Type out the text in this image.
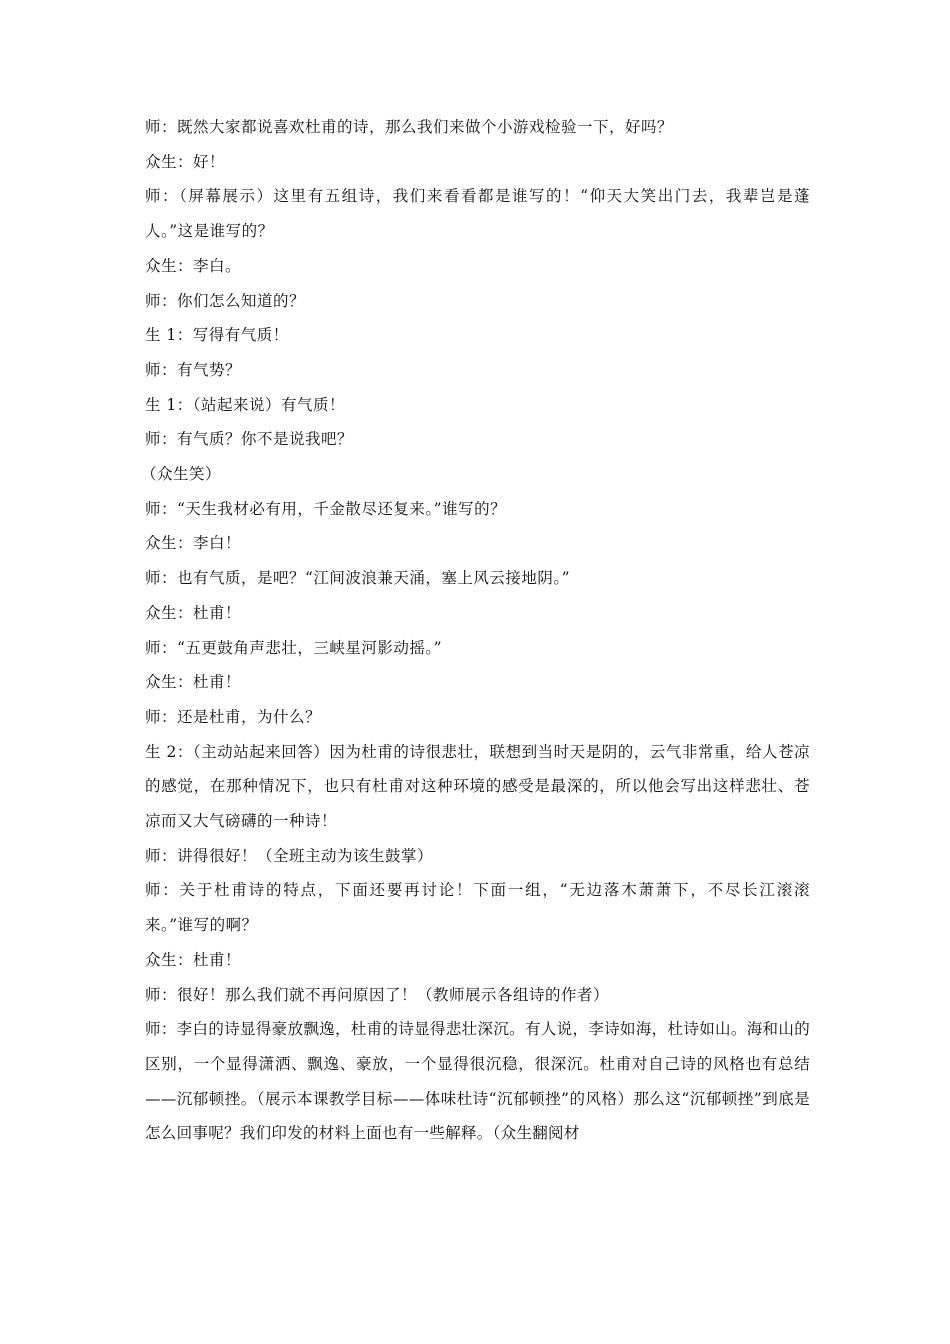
师：既然大家都说喜欢杜甫的诗，那么我们来做个小游戏检验一下，好吗？

众生：好！

师：（屏幕展示）这里有五组诗，我们来看看都是谁写的！“仰天大笑出门去，我辈岂是蓬人。”这是谁写的？

众生：李白。

师：你们怎么知道的？

生 1：写得有气质！

师：有气势？

生 1：（站起来说）有气质！

师：有气质？你不是说我吧？

（众生笑）

师：“天生我材必有用，千金散尽还复来。”谁写的？

众生：李白！

师：也有气质，是吧？“江间波浪兼天涌，塞上风云接地阴。”

众生：杜甫！

师：“五更鼓角声悲壮，三峡星河影动摇。”

众生：杜甫！

师：还是杜甫，为什么？

生 2：（主动站起来回答）因为杜甫的诗很悲壮，联想到当时天是阴的，云气非常重，给人苍凉的感觉，在那种情况下，也只有杜甫对这种环境的感受是最深的，所以他会写出这样悲壮、苍凉而又大气磅礴的一种诗！

师：讲得很好！（全班主动为该生鼓掌）

师：关于杜甫诗的特点，下面还要再讨论！下面一组，“无边落木萧萧下，不尽长江滚滚来。”谁写的啊？

众生：杜甫！

师：很好！那么我们就不再问原因了！（教师展示各组诗的作者）

师：李白的诗显得豪放飘逸，杜甫的诗显得悲壮深沉。有人说，李诗如海，杜诗如山。海和山的区别，一个显得潇洒、飘逸、豪放，一个显得很沉稳，很深沉。杜甫对自己诗的风格也有总结——沉郁顿挫。（展示本课教学目标——体味杜诗“沉郁顿挫”的风格）那么这“沉郁顿挫”到底是怎么回事呢？我们印发的材料上面也有一些解释。（众生翻阅材
